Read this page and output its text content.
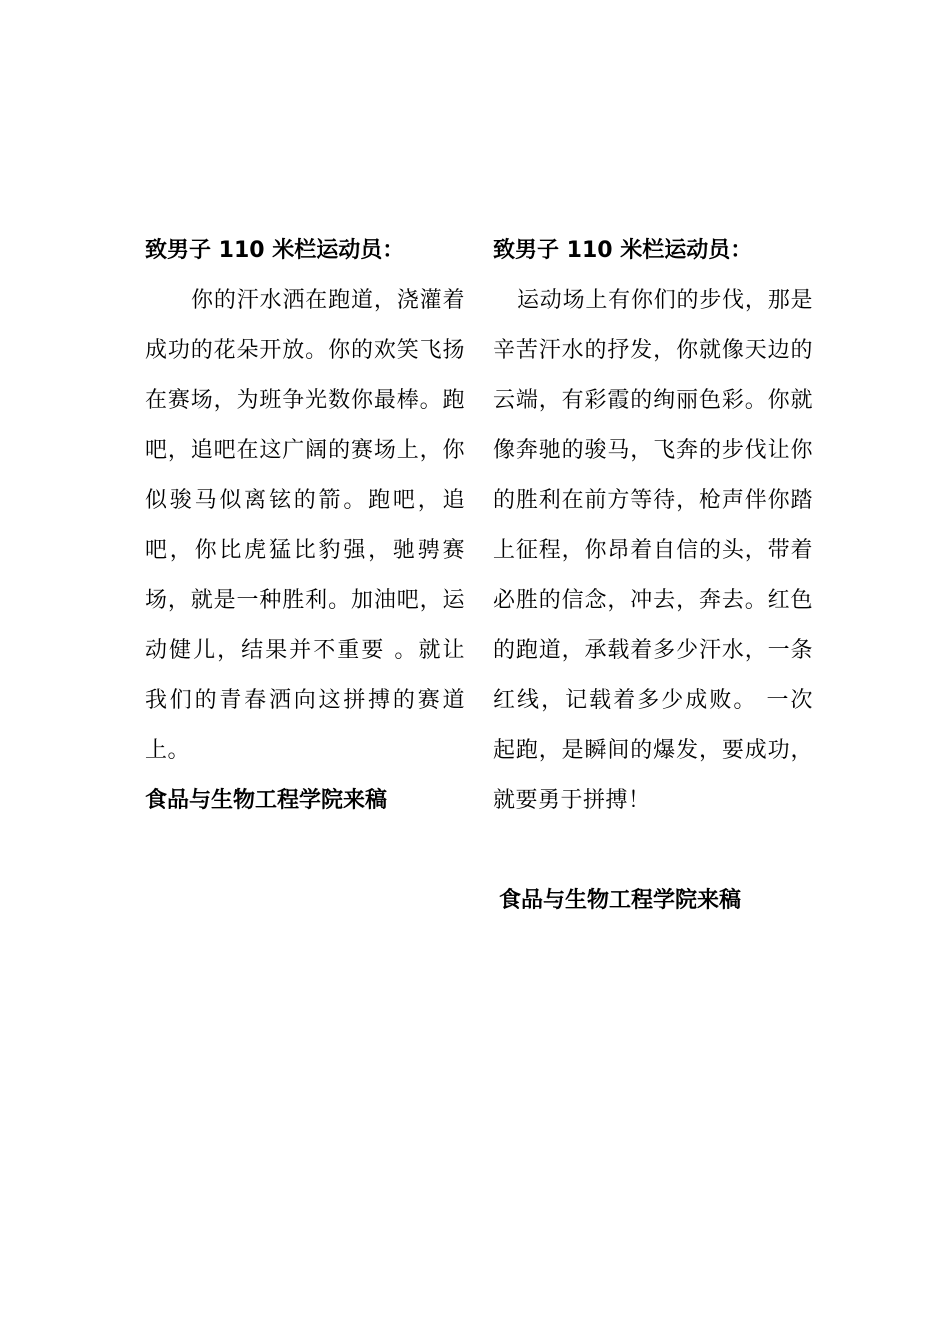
致男子 110 米栏运动员：

你的汗水洒在跑道，浇灌着成功的花朵开放。你的欢笑飞扬在赛场，为班争光数你最棒。跑吧，追吧在这广阔的赛场上，你似骏马似离铉的箭。跑吧，追吧，你比虎猛比豹强，驰骋赛场，就是一种胜利。加油吧，运动健儿，结果并不重要 。就让我们的青春洒向这拼搏的赛道上。

食品与生物工程学院来稿

致男子 110 米栏运动员：

运动场上有你们的步伐，那是辛苦汗水的抒发，你就像天边的云端，有彩霞的绚丽色彩。你就像奔驰的骏马，飞奔的步伐让你的胜利在前方等待，枪声伴你踏上征程，你昂着自信的头，带着必胜的信念，冲去，奔去。红色的跑道，承载着多少汗水，一条红线，记载着多少成败。 一次起跑，是瞬间的爆发，要成功，就要勇于拼搏！

食品与生物工程学院来稿
